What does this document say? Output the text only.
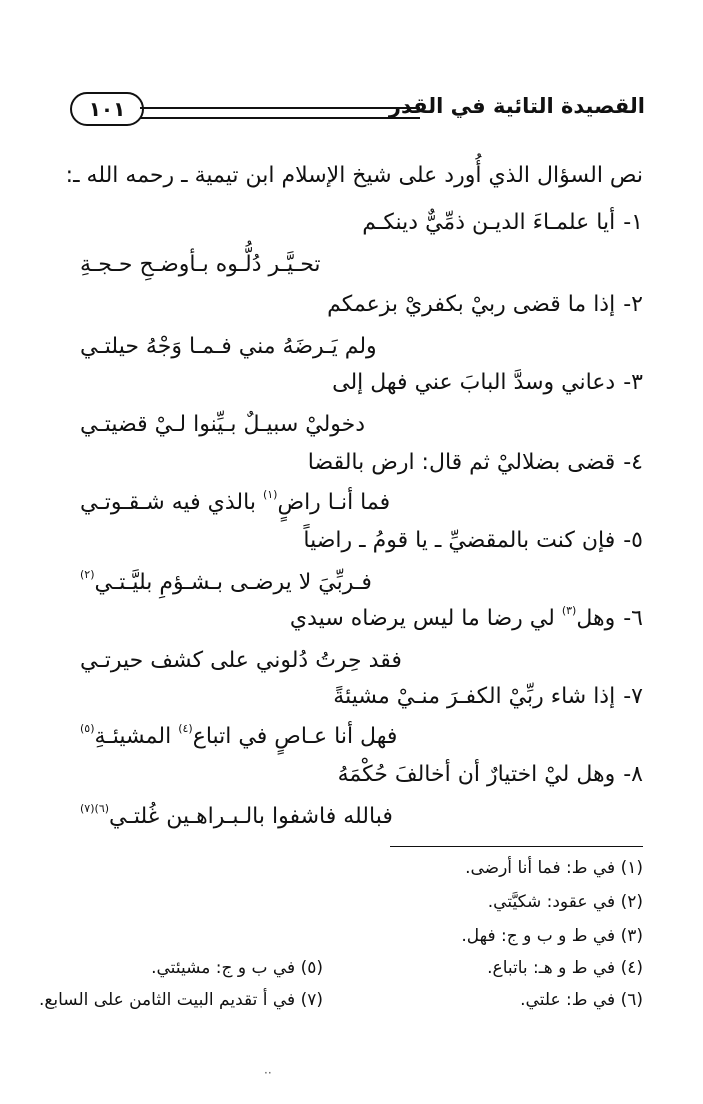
القصيدة التائية في القدر
١٠١
نص السؤال الذي أُورد على شيخ الإسلام ابن تيمية ـ رحمه الله ـ:
١-أيا علمـاءَ الديـن ذمِّيٌّ دينكـم
تحـيَّـر دُلُّـوه بـأوضـحِ حـجـةِ
٢-إذا ما قضى ربيْ بكفريْ بزعمكم
ولم يَـرضَهُ مني فـمـا وَجْهُ حيلتـي
٣-دعاني وسدَّ البابَ عني فهل إلى
دخوليْ سبيـلٌ بـيِّنوا لـيْ قضيتـي
٤-قضى بضلاليْ ثم قال: ارض بالقضا
فما أنـا راضٍ$^{(١)}$ بالذي فيه شـقـوتـي
٥-فإن كنت بالمقضيِّ ـ يا قومُ ـ راضياً
فـربِّيَ لا يرضـى بـشـؤمِ بليَّـتـي$^{(٢)}$
٦-وهل$^{(٣)}$ لي رضا ما ليس يرضاه سيدي
فقد حِرتُ دُلوني على كشف حيرتـي
٧-إذا شاء ربِّيْ الكفـرَ منـيْ مشيئةً
فهل أنا عـاصٍ في اتباع$^{(٤)}$ المشيئـةِ$^{(٥)}$
٨-وهل ليْ اختيارٌ أن أخالفَ حُكْمَهُ
فبالله فاشفوا بالـبـراهـين غُلتـي$^{(٦)(٧)}$
(١) في ط: فما أنا أرضى.
(٢) في عقود: شكيَّتي.
(٣) في ط و ب و ج: فهل.
(٤) في ط و هـ: باتباع.
(٥) في ب و ج: مشيئتي.
(٦) في ط: علتي.
(٧) في أ تقديم البيت الثامن على السابع.
··
